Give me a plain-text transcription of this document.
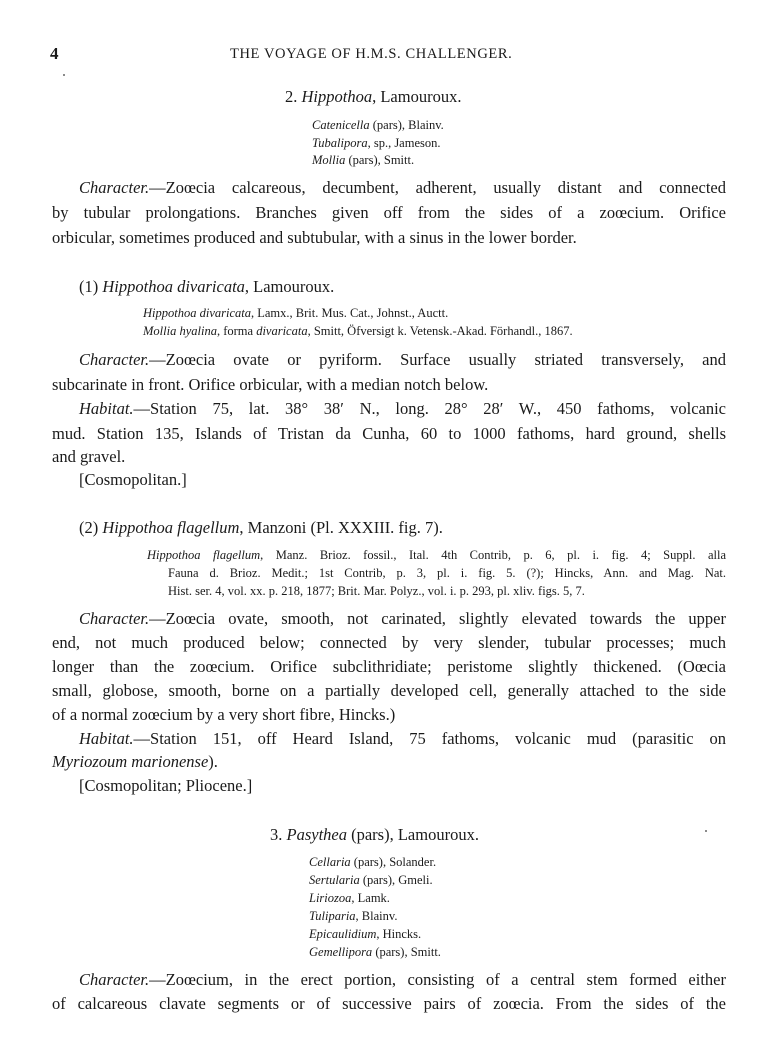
4	THE VOYAGE OF H.M.S. CHALLENGER.
2. Hippothoa, Lamouroux.
Catenicella (pars), Blainv.
Tubalipora, sp., Jameson.
Mollia (pars), Smitt.
Character.—Zoœcia calcareous, decumbent, adherent, usually distant and connected
by tubular prolongations. Branches given off from the sides of a zoœcium. Orifice
orbicular, sometimes produced and subtubular, with a sinus in the lower border.
(1) Hippothoa divaricata, Lamouroux.
Hippothoa divaricata, Lamx., Brit. Mus. Cat., Johnst., Auctt.
Mollia hyalina, forma divaricata, Smitt, Öfversigt k. Vetensk.-Akad. Förhandl., 1867.
Character.—Zoœcia ovate or pyriform. Surface usually striated transversely, and
subcarinate in front. Orifice orbicular, with a median notch below.
Habitat.—Station 75, lat. 38° 38′ N., long. 28° 28′ W., 450 fathoms, volcanic
mud. Station 135, Islands of Tristan da Cunha, 60 to 1000 fathoms, hard ground, shells
and gravel.
[Cosmopolitan.]
(2) Hippothoa flagellum, Manzoni (Pl. XXXIII. fig. 7).
Hippothoa flagellum, Manz. Brioz. fossil., Ital. 4th Contrib, p. 6, pl. i. fig. 4; Suppl. alla
Fauna d. Brioz. Medit.; 1st Contrib, p. 3, pl. i. fig. 5. (?); Hincks, Ann. and Mag. Nat.
Hist. ser. 4, vol. xx. p. 218, 1877; Brit. Mar. Polyz., vol. i. p. 293, pl. xliv. figs. 5, 7.
Character.—Zoœcia ovate, smooth, not carinated, slightly elevated towards the upper
end, not much produced below; connected by very slender, tubular processes; much
longer than the zoœcium. Orifice subclithridiate; peristome slightly thickened. (Oœcia
small, globose, smooth, borne on a partially developed cell, generally attached to the side
of a normal zoœcium by a very short fibre, Hincks.)
Habitat.—Station 151, off Heard Island, 75 fathoms, volcanic mud (parasitic on
Myriozoum marionense).
[Cosmopolitan; Pliocene.]
3. Pasythea (pars), Lamouroux.
Cellaria (pars), Solander.
Sertularia (pars), Gmeli.
Liriozoa, Lamk.
Tuliparia, Blainv.
Epicaulidium, Hincks.
Gemellipora (pars), Smitt.
Character.—Zoœcium, in the erect portion, consisting of a central stem formed either
of calcareous clavate segments or of successive pairs of zoœcia. From the sides of the
